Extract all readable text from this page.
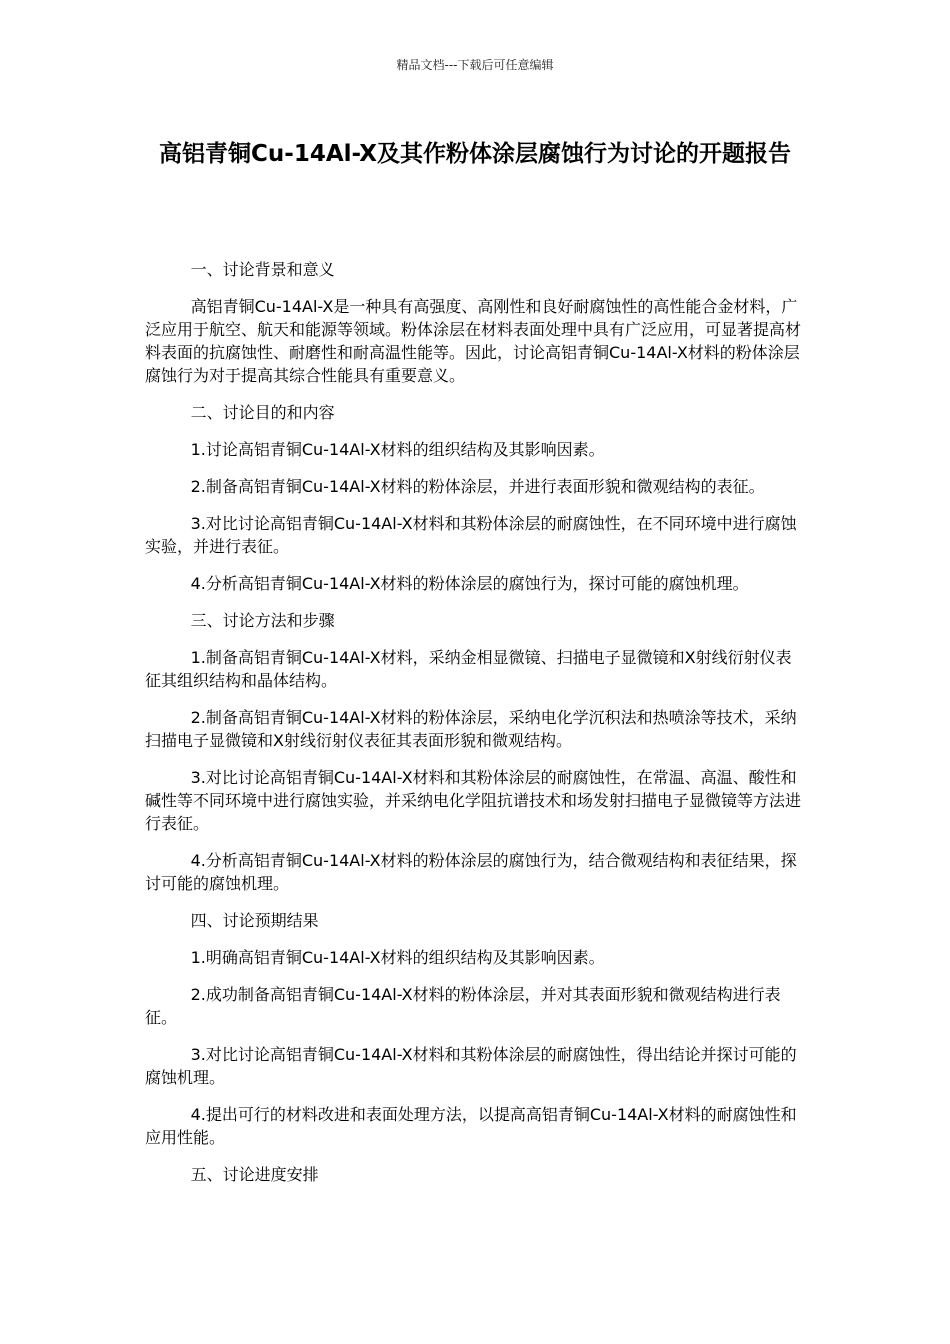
精品文档---下载后可任意编辑
高铝青铜Cu-14Al-X及其作粉体涂层腐蚀行为讨论的开题报告

一、讨论背景和意义

高铝青铜Cu-14Al-X是一种具有高强度、高刚性和良好耐腐蚀性的高性能合金材料，广泛应用于航空、航天和能源等领域。粉体涂层在材料表面处理中具有广泛应用，可显著提高材料表面的抗腐蚀性、耐磨性和耐高温性能等。因此，讨论高铝青铜Cu-14Al-X材料的粉体涂层腐蚀行为对于提高其综合性能具有重要意义。

二、讨论目的和内容

1.讨论高铝青铜Cu-14Al-X材料的组织结构及其影响因素。

2.制备高铝青铜Cu-14Al-X材料的粉体涂层，并进行表面形貌和微观结构的表征。

3.对比讨论高铝青铜Cu-14Al-X材料和其粉体涂层的耐腐蚀性，在不同环境中进行腐蚀实验，并进行表征。

4.分析高铝青铜Cu-14Al-X材料的粉体涂层的腐蚀行为，探讨可能的腐蚀机理。

三、讨论方法和步骤

1.制备高铝青铜Cu-14Al-X材料，采纳金相显微镜、扫描电子显微镜和X射线衍射仪表征其组织结构和晶体结构。

2.制备高铝青铜Cu-14Al-X材料的粉体涂层，采纳电化学沉积法和热喷涂等技术，采纳扫描电子显微镜和X射线衍射仪表征其表面形貌和微观结构。

3.对比讨论高铝青铜Cu-14Al-X材料和其粉体涂层的耐腐蚀性，在常温、高温、酸性和碱性等不同环境中进行腐蚀实验，并采纳电化学阻抗谱技术和场发射扫描电子显微镜等方法进行表征。

4.分析高铝青铜Cu-14Al-X材料的粉体涂层的腐蚀行为，结合微观结构和表征结果，探讨可能的腐蚀机理。

四、讨论预期结果

1.明确高铝青铜Cu-14Al-X材料的组织结构及其影响因素。

2.成功制备高铝青铜Cu-14Al-X材料的粉体涂层，并对其表面形貌和微观结构进行表征。

3.对比讨论高铝青铜Cu-14Al-X材料和其粉体涂层的耐腐蚀性，得出结论并探讨可能的腐蚀机理。

4.提出可行的材料改进和表面处理方法，以提高高铝青铜Cu-14Al-X材料的耐腐蚀性和应用性能。

五、讨论进度安排
